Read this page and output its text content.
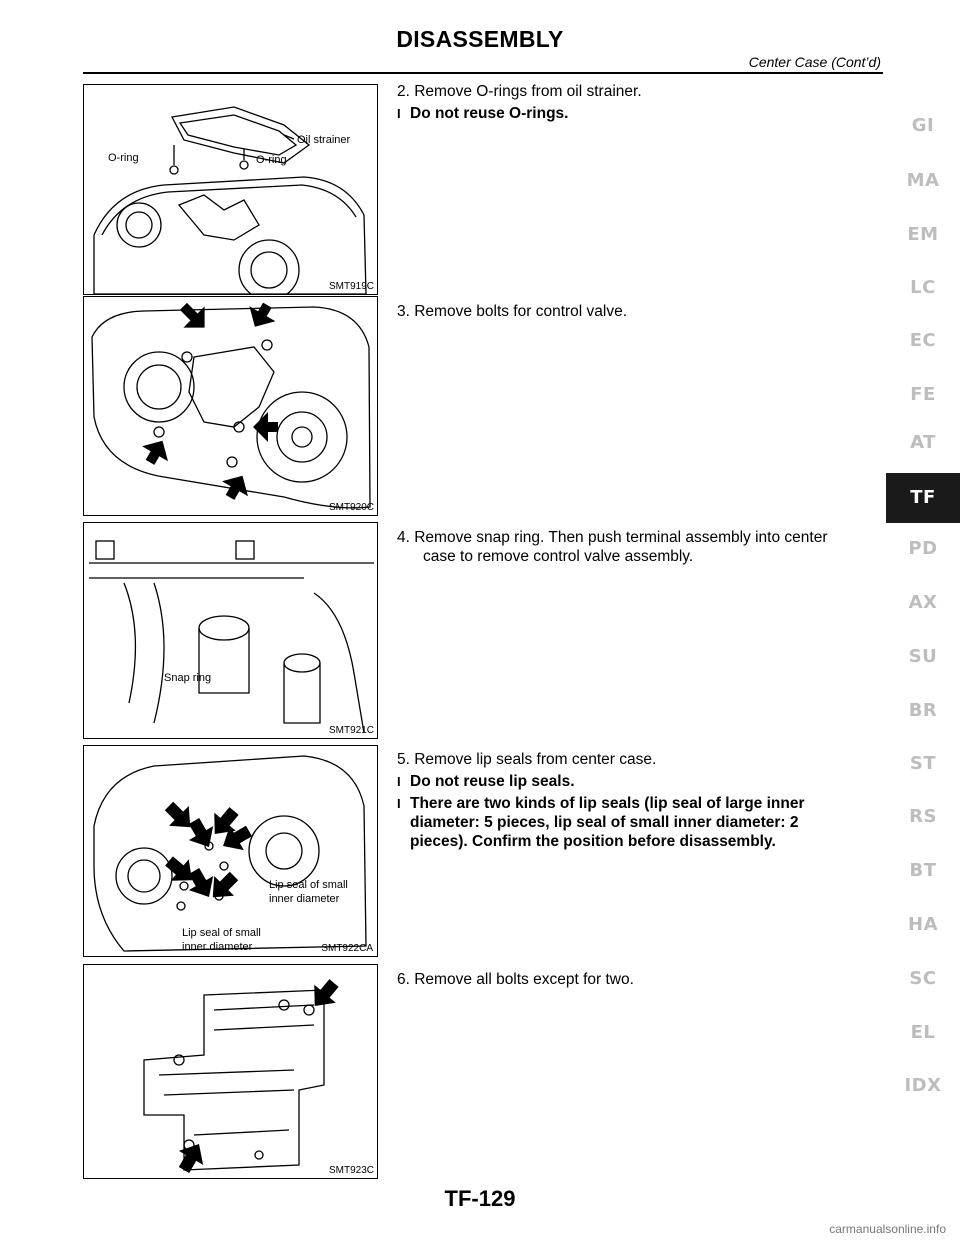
DISASSEMBLY
Center Case (Cont’d)
O-ring	O-ring
Oil strainer
SMT919C
SMT920C
Snap ring
SMT921C
Lip seal of small
inner diameter
Lip seal of small
inner diameter	SMT922CA
SMT923C

2. Remove O-rings from oil strainer.

I Do not reuse O-rings.

3. Remove bolts for control valve.

4. Remove snap ring. Then push terminal assembly into center

case to remove control valve assembly.

5. Remove lip seals from center case.

I Do not reuse lip seals.
I There are two kinds of lip seals (lip seal of large inner
diameter: 5 pieces, lip seal of small inner diameter: 2
pieces). Confirm the position before disassembly.

6. Remove all bolts except for two.

GI
MA
EM
LC
EC
FE
AT
TF
PD
AX
SU
BR
ST
RS
BT
HA
SC
EL
IDX
TF-129
carmanualsonline.info
